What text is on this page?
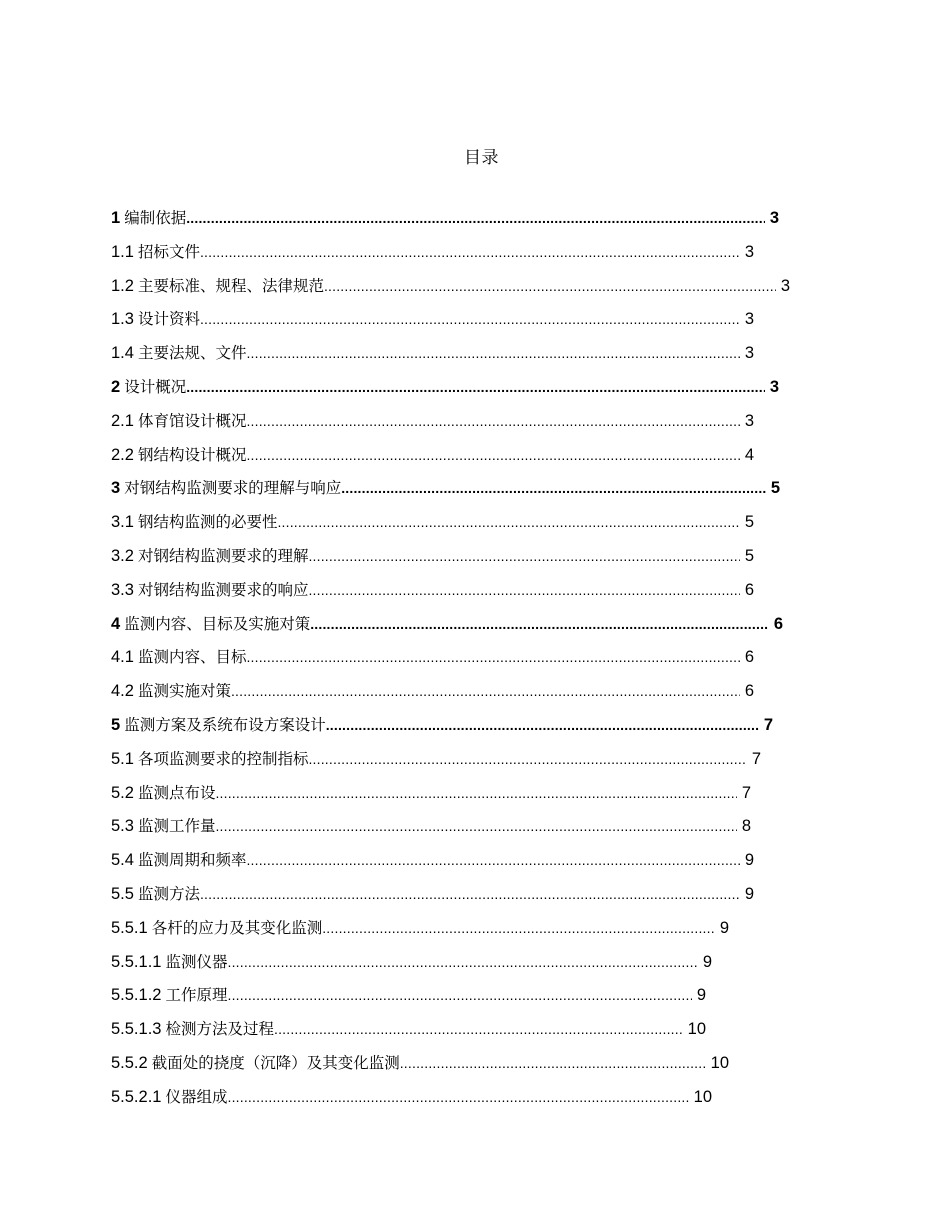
目录
1 编制依据 .....	3
1.1 招标文件 .....	3
1.2 主要标准、规程、法律规范 .....	3
1.3 设计资料 .....	3
1.4 主要法规、文件 .....	3
2 设计概况 .....	3
2.1 体育馆设计概况 .....	3
2.2 钢结构设计概况 .....	4
3 对钢结构监测要求的理解与响应 .....	5
3.1 钢结构监测的必要性 .....	5
3.2 对钢结构监测要求的理解 .....	5
3.3 对钢结构监测要求的响应 .....	6
4 监测内容、目标及实施对策 .....	6
4.1 监测内容、目标 .....	6
4.2 监测实施对策 .....	6
5 监测方案及系统布设方案设计 .....	7
5.1 各项监测要求的控制指标 .....	7
5.2 监测点布设 .....	7
5.3 监测工作量 .....	8
5.4 监测周期和频率 .....	9
5.5 监测方法 .....	9
5.5.1 各杆的应力及其变化监测 .....	9
5.5.1.1 监测仪器 .....	9
5.5.1.2 工作原理 .....	9
5.5.1.3 检测方法及过程 .....	10
5.5.2 截面处的挠度（沉降）及其变化监测 .....	10
5.5.2.1 仪器组成 .....	10
